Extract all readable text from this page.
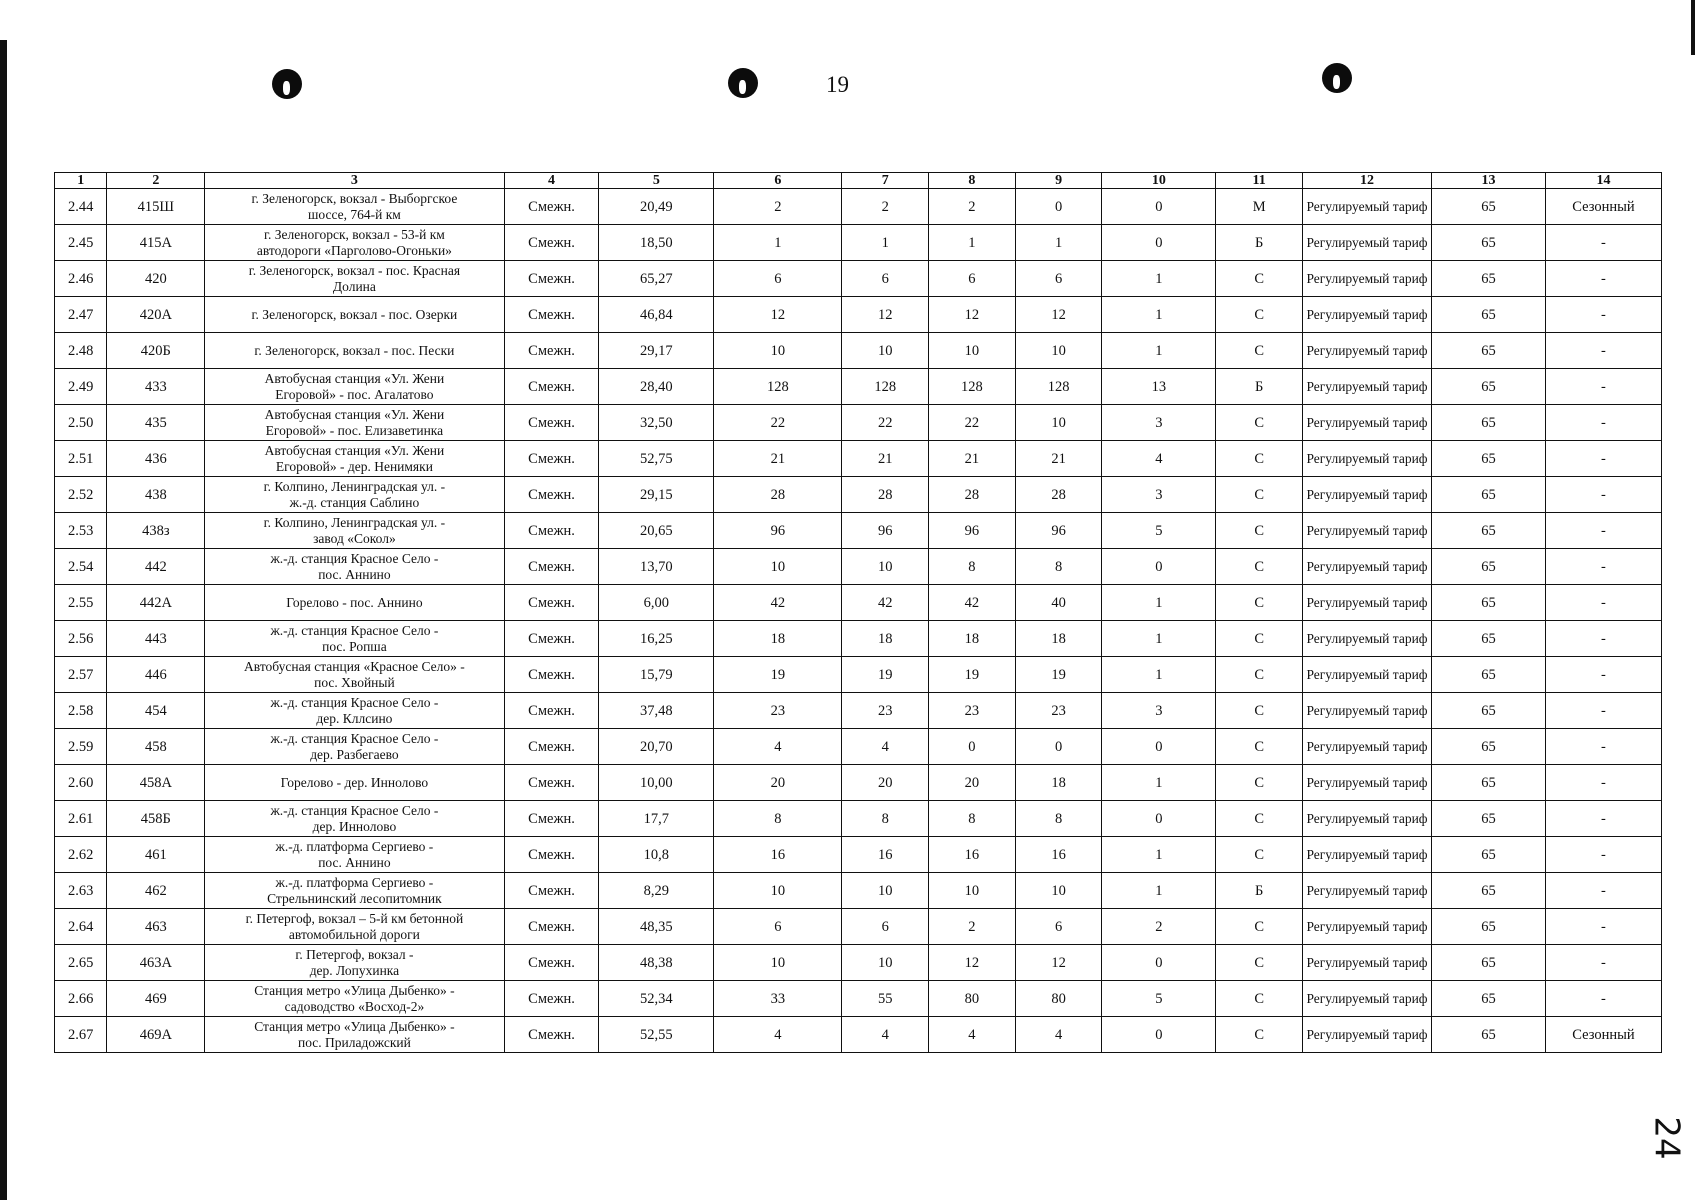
19
24
1	2	3	4	5	6	7	8	9	10	11	12	13	14
2.44	415Ш	г. Зеленогорск, вокзал - Выборгское
шоссе, 764-й км	Смежн.	20,49	2	2	2	0	0	М	Регулируемый тариф	65	Сезонный
2.45	415А	г. Зеленогорск, вокзал - 53-й км
автодороги «Парголово-Огоньки»	Смежн.	18,50	1	1	1	1	0	Б	Регулируемый тариф	65	-
2.46	420	г. Зеленогорск, вокзал - пос. Красная
Долина	Смежн.	65,27	6	6	6	6	1	С	Регулируемый тариф	65	-
2.47	420А	г. Зеленогорск, вокзал - пос. Озерки	Смежн.	46,84	12	12	12	12	1	С	Регулируемый тариф	65	-
2.48	420Б	г. Зеленогорск, вокзал - пос. Пески	Смежн.	29,17	10	10	10	10	1	С	Регулируемый тариф	65	-
2.49	433	Автобусная станция «Ул. Жени
Егоровой» - пос. Агалатово	Смежн.	28,40	128	128	128	128	13	Б	Регулируемый тариф	65	-
2.50	435	Автобусная станция «Ул. Жени
Егоровой» - пос. Елизаветинка	Смежн.	32,50	22	22	22	10	3	С	Регулируемый тариф	65	-
2.51	436	Автобусная станция «Ул. Жени
Егоровой» - дер. Ненимяки	Смежн.	52,75	21	21	21	21	4	С	Регулируемый тариф	65	-
2.52	438	г. Колпино, Ленинградская ул. -
ж.-д. станция Саблино	Смежн.	29,15	28	28	28	28	3	С	Регулируемый тариф	65	-
2.53	438з	г. Колпино, Ленинградская ул. -
завод «Сокол»	Смежн.	20,65	96	96	96	96	5	С	Регулируемый тариф	65	-
2.54	442	ж.-д. станция Красное Село -
пос. Аннино	Смежн.	13,70	10	10	8	8	0	С	Регулируемый тариф	65	-
2.55	442А	Горелово - пос. Аннино	Смежн.	6,00	42	42	42	40	1	С	Регулируемый тариф	65	-
2.56	443	ж.-д. станция Красное Село -
пос. Ропша	Смежн.	16,25	18	18	18	18	1	С	Регулируемый тариф	65	-
2.57	446	Автобусная станция «Красное Село» -
пос. Хвойный	Смежн.	15,79	19	19	19	19	1	С	Регулируемый тариф	65	-
2.58	454	ж.-д. станция Красное Село -
дер. Кллсино	Смежн.	37,48	23	23	23	23	3	С	Регулируемый тариф	65	-
2.59	458	ж.-д. станция Красное Село -
дер. Разбегаево	Смежн.	20,70	4	4	0	0	0	С	Регулируемый тариф	65	-
2.60	458А	Горелово - дер. Иннолово	Смежн.	10,00	20	20	20	18	1	С	Регулируемый тариф	65	-
2.61	458Б	ж.-д. станция Красное Село -
дер. Иннолово	Смежн.	17,7	8	8	8	8	0	С	Регулируемый тариф	65	-
2.62	461	ж.-д. платформа Сергиево -
пос. Аннино	Смежн.	10,8	16	16	16	16	1	С	Регулируемый тариф	65	-
2.63	462	ж.-д. платформа Сергиево -
Стрельнинский лесопитомник	Смежн.	8,29	10	10	10	10	1	Б	Регулируемый тариф	65	-
2.64	463	г. Петергоф, вокзал – 5-й км бетонной
автомобильной дороги	Смежн.	48,35	6	6	2	6	2	С	Регулируемый тариф	65	-
2.65	463А	г. Петергоф, вокзал -
дер. Лопухинка	Смежн.	48,38	10	10	12	12	0	С	Регулируемый тариф	65	-
2.66	469	Станция метро «Улица Дыбенко» -
садоводство «Восход-2»	Смежн.	52,34	33	55	80	80	5	С	Регулируемый тариф	65	-
2.67	469А	Станция метро «Улица Дыбенко» -
пос. Приладожский	Смежн.	52,55	4	4	4	4	0	С	Регулируемый тариф	65	Сезонный
